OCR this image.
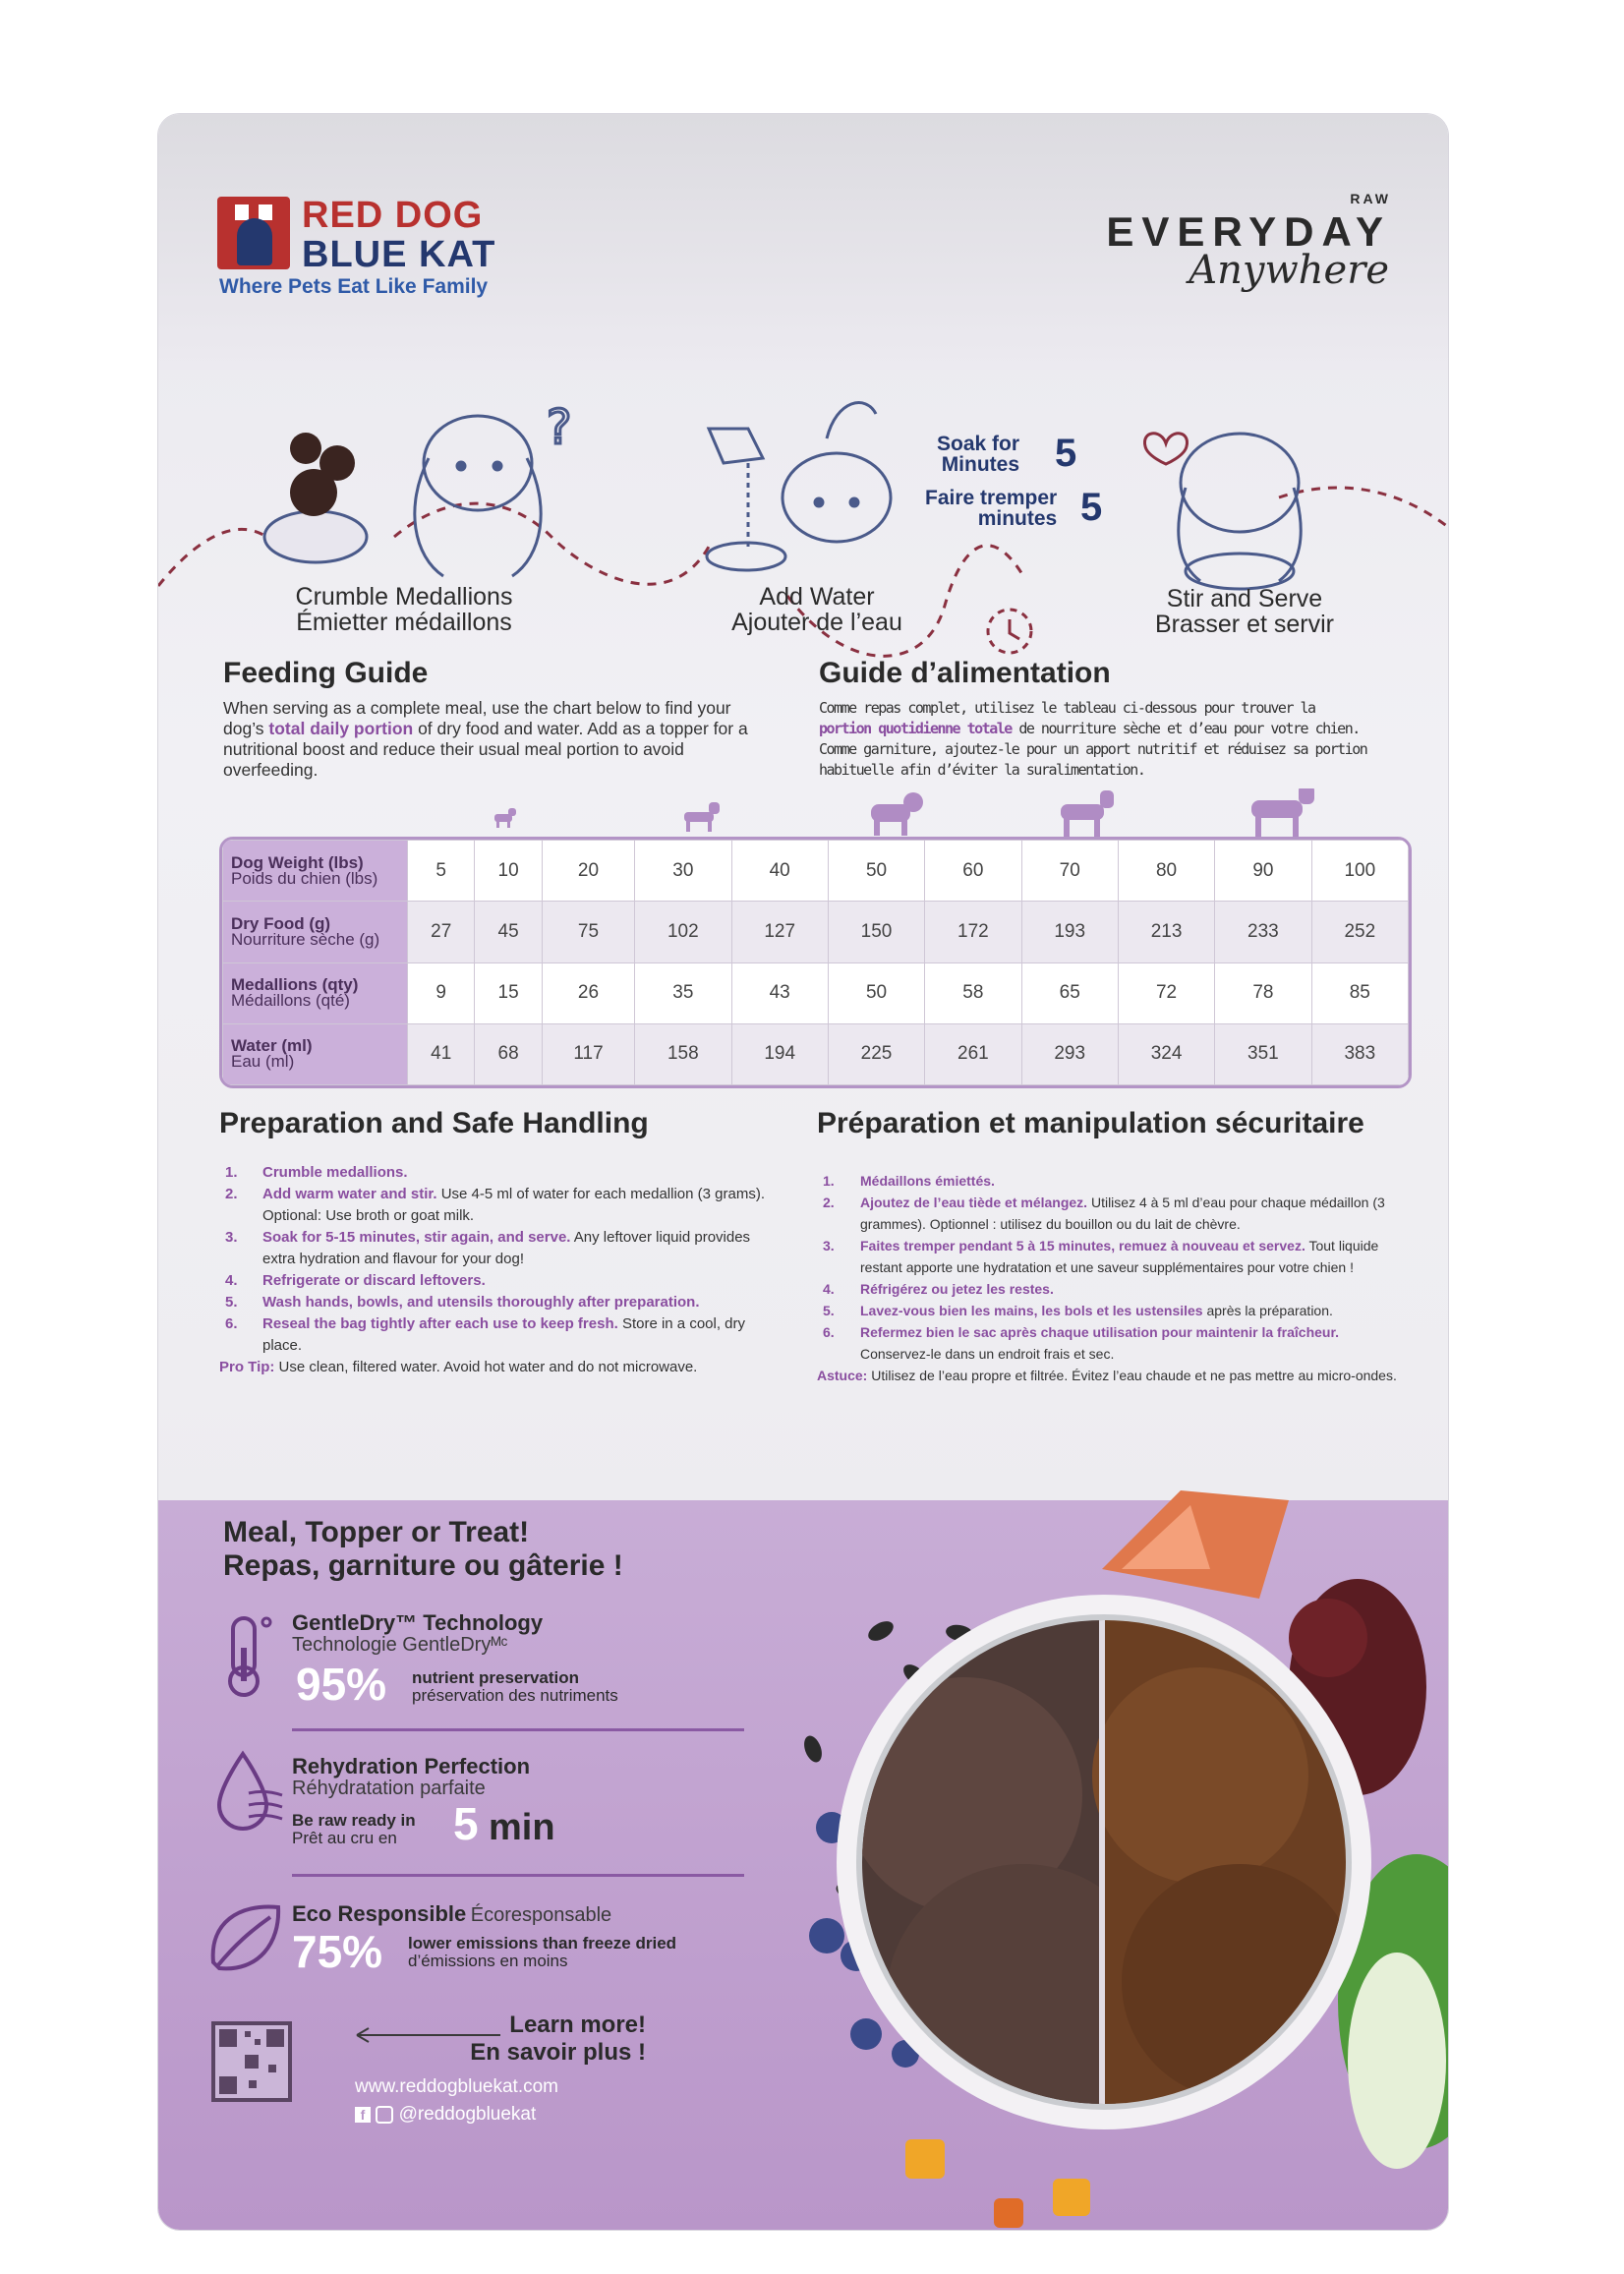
RED DOG
BLUE KAT
Where Pets Eat Like Family
RAW
EVERYDAY
Anywhere
?	Soak for
Minutes 5
Faire tremper
minutes 5
Crumble Medallions
Émietter médaillons
Add Water
Ajouter de l’eau
Stir and Serve
Brasser et servir
Feeding Guide
When serving as a complete meal, use the chart below to find your dog’s total daily portion of dry food and water. Add as a topper for a nutritional boost and reduce their usual meal portion to avoid overfeeding.
Guide d’alimentation
Comme repas complet, utilisez le tableau ci-dessous pour trouver la portion quotidienne totale de nourriture sèche et d’eau pour votre chien. Comme garniture, ajoutez-le pour un apport nutritif et réduisez sa portion habituelle afin d’éviter la suralimentation.
Dog Weight (lbs)
Poids du chien (lbs)	5	10	20	30	40	50	60	70	80	90	100

Dry Food (g)
Nourriture sèche (g)	27	45	75	102	127	150	172	193	213	233	252

Medallions (qty)
Médaillons (qté)	9	15	26	35	43	50	58	65	72	78	85

Water (ml)
Eau (ml)	41	68	117	158	194	225	261	293	324	351	383
Preparation and Safe Handling
1. Crumble medallions.
2. Add warm water and stir. Use 4-5 ml of water for each medallion (3 grams). Optional: Use broth or goat milk.
3. Soak for 5-15 minutes, stir again, and serve. Any leftover liquid provides extra hydration and flavour for your dog!
4. Refrigerate or discard leftovers.
5. Wash hands, bowls, and utensils thoroughly after preparation.
6. Reseal the bag tightly after each use to keep fresh. Store in a cool, dry place.
Pro Tip: Use clean, filtered water. Avoid hot water and do not microwave.
Préparation et manipulation sécuritaire
1. Médaillons émiettés.
2. Ajoutez de l’eau tiède et mélangez. Utilisez 4 à 5 ml d’eau pour chaque médaillon (3 grammes). Optionnel : utilisez du bouillon ou du lait de chèvre.
3. Faites tremper pendant 5 à 15 minutes, remuez à nouveau et servez. Tout liquide restant apporte une hydratation et une saveur supplémentaires pour votre chien !
4. Réfrigérez ou jetez les restes.
5. Lavez-vous bien les mains, les bols et les ustensiles après la préparation.
6. Refermez bien le sac après chaque utilisation pour maintenir la fraîcheur. Conservez-le dans un endroit frais et sec.
Astuce: Utilisez de l’eau propre et filtrée. Évitez l’eau chaude et ne pas mettre au micro-ondes.
Meal, Topper or Treat!
Repas, garniture ou gâterie !
GentleDry™ Technology
Technologie GentleDryᴹᶜ
95% nutrient preservation
préservation des nutriments
Rehydration Perfection
Réhydratation parfaite
Be raw ready in
Prêt au cru en	5 min
Eco Responsible Écoresponsable
75% lower emissions than freeze dried
d’émissions en moins
Learn more!
En savoir plus !
www.reddogbluekat.com
f @reddogbluekat
